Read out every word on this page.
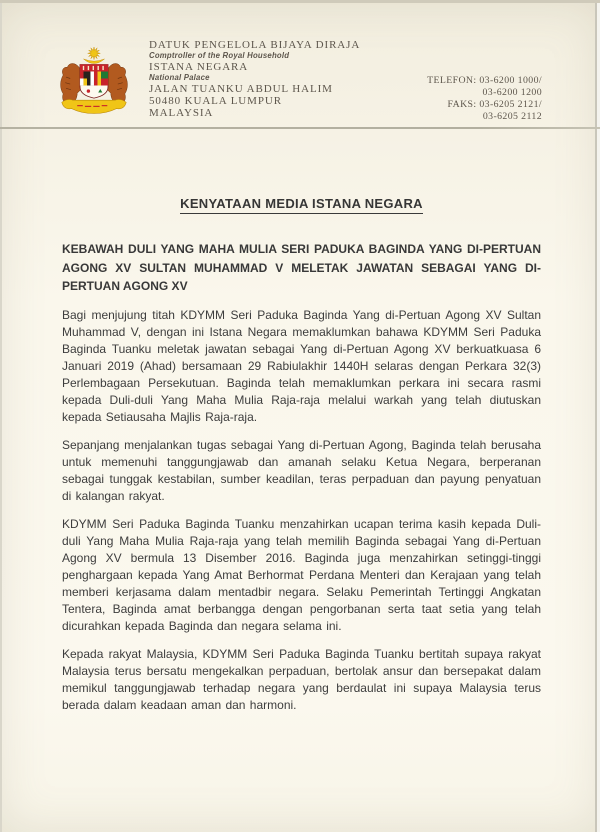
DATUK PENGELOLA BIJAYA DIRAJA
Comptroller of the Royal Household
ISTANA NEGARA
National Palace
JALAN TUANKU ABDUL HALIM
50480 KUALA LUMPUR
MALAYSIA
TELEFON: 03-6200 1000/
03-6200 1200
FAKS: 03-6205 2121/
03-6205 2112
KENYATAAN MEDIA ISTANA NEGARA

KEBAWAH DULI YANG MAHA MULIA SERI PADUKA BAGINDA YANG DI-PERTUAN AGONG XV SULTAN MUHAMMAD V MELETAK JAWATAN SEBAGAI YANG DI-PERTUAN AGONG XV

Bagi menjujung titah KDYMM Seri Paduka Baginda Yang di-Pertuan Agong XV Sultan Muhammad V, dengan ini Istana Negara memaklumkan bahawa KDYMM Seri Paduka Baginda Tuanku meletak jawatan sebagai Yang di-Pertuan Agong XV berkuatkuasa 6 Januari 2019 (Ahad) bersamaan 29 Rabiulakhir 1440H selaras dengan Perkara 32(3) Perlembagaan Persekutuan. Baginda telah memaklumkan perkara ini secara rasmi kepada Duli-duli Yang Maha Mulia Raja-raja melalui warkah yang telah diutuskan kepada Setiausaha Majlis Raja-raja.

Sepanjang menjalankan tugas sebagai Yang di-Pertuan Agong, Baginda telah berusaha untuk memenuhi tanggungjawab dan amanah selaku Ketua Negara, berperanan sebagai tunggak kestabilan, sumber keadilan, teras perpaduan dan payung penyatuan di kalangan rakyat.

KDYMM Seri Paduka Baginda Tuanku menzahirkan ucapan terima kasih kepada Duli-duli Yang Maha Mulia Raja-raja yang telah memilih Baginda sebagai Yang di-Pertuan Agong XV bermula 13 Disember 2016. Baginda juga menzahirkan setinggi-tinggi penghargaan kepada Yang Amat Berhormat Perdana Menteri dan Kerajaan yang telah memberi kerjasama dalam mentadbir negara. Selaku Pemerintah Tertinggi Angkatan Tentera, Baginda amat berbangga dengan pengorbanan serta taat setia yang telah dicurahkan kepada Baginda dan negara selama ini.

Kepada rakyat Malaysia, KDYMM Seri Paduka Baginda Tuanku bertitah supaya rakyat Malaysia terus bersatu mengekalkan perpaduan, bertolak ansur dan bersepakat dalam memikul tanggungjawab terhadap negara yang berdaulat ini supaya Malaysia terus berada dalam keadaan aman dan harmoni.
